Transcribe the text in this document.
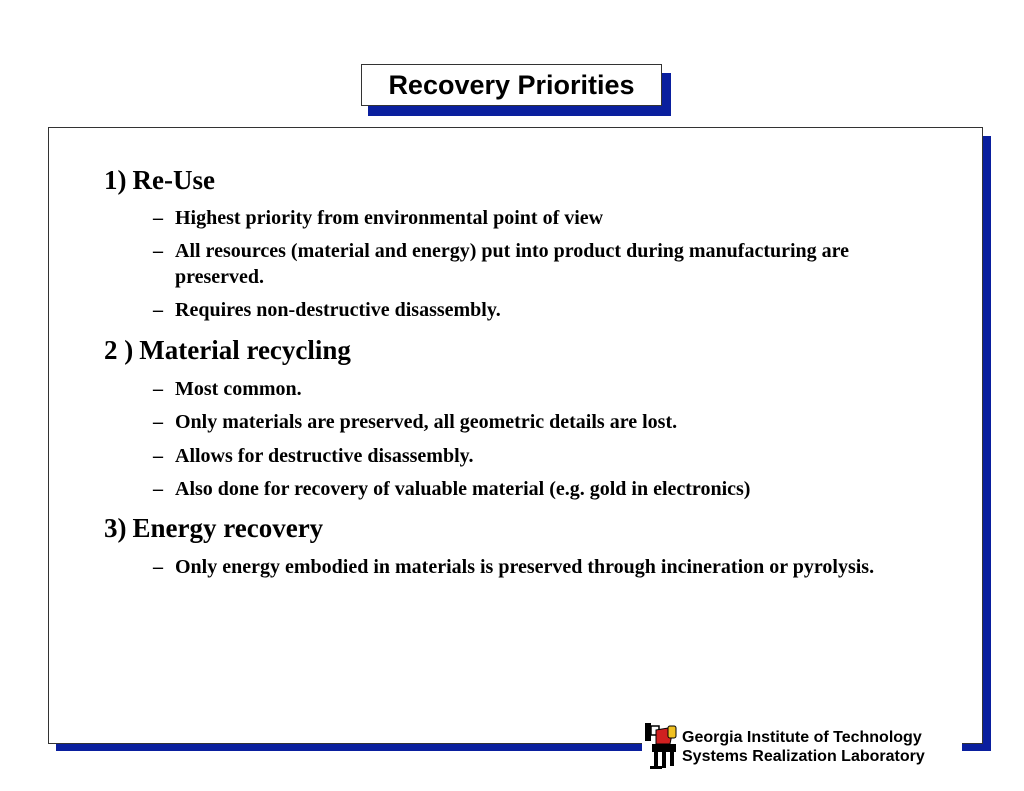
Recovery Priorities
1) Re-Use
– Highest priority from environmental point of view
– All resources (material and energy) put into product during manufacturing are preserved.
– Requires non-destructive disassembly.
2 ) Material recycling
– Most common.
– Only materials are preserved, all geometric details are lost.
– Allows for destructive disassembly.
– Also done for recovery of valuable material (e.g. gold in electronics)
3) Energy recovery
– Only energy embodied in materials is preserved through incineration or pyrolysis.
Georgia Institute of Technology
Systems Realization Laboratory
